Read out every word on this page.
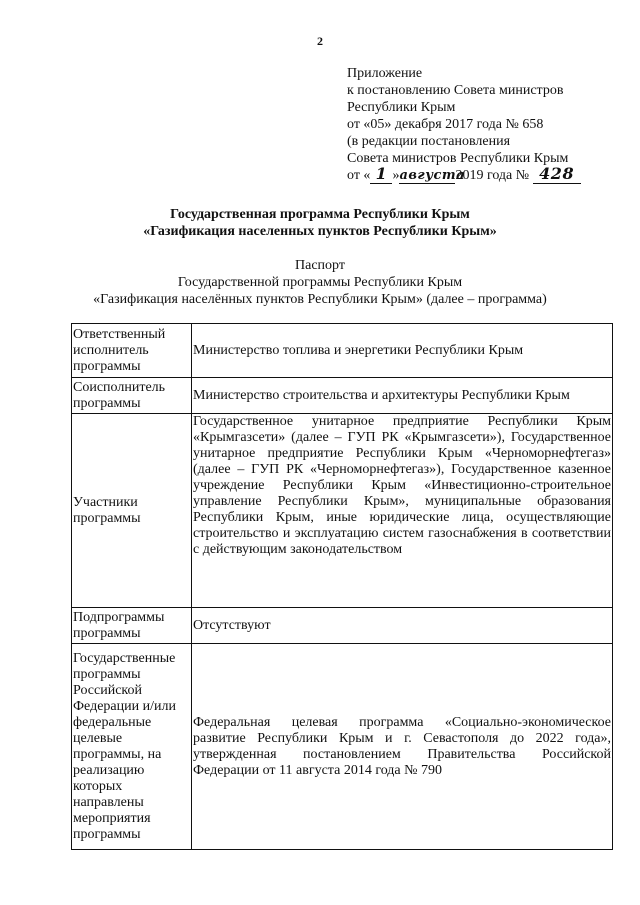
2
Приложение
к постановлению Совета министров
Республики Крым
от «05» декабря 2017 года № 658
(в редакции постановления
Совета министров Республики Крым
от « 1 »августа2019 года № 428
Государственная программа Республики Крым
«Газификация населенных пунктов Республики Крым»
Паспорт
Государственной программы Республики Крым
«Газификация населённых пунктов Республики Крым» (далее – программа)
Ответственный исполнитель программы	Министерство топлива и энергетики Республики Крым
Соисполнитель программы	Министерство строительства и архитектуры Республики Крым
Участники программы	Государственное унитарное предприятие Республики Крым «Крымгазсети» (далее – ГУП РК «Крымгазсети»), Государственное унитарное предприятие Республики Крым «Черноморнефтегаз» (далее – ГУП РК «Черноморнефтегаз»), Государственное казенное учреждение Республики Крым «Инвестиционно-строительное управление Республики Крым», муниципальные образования Республики Крым, иные юридические лица, осуществляющие строительство и эксплуатацию систем газоснабжения в соответствии с действующим законодательством
Подпрограммы программы	Отсутствуют
Государственные программы Российской Федерации и/или федеральные целевые программы, на реализацию которых направлены мероприятия программы	Федеральная целевая программа «Социально-экономическое развитие Республики Крым и г. Севастополя до 2022 года», утвержденная постановлением Правительства Российской Федерации от 11 августа 2014 года № 790
